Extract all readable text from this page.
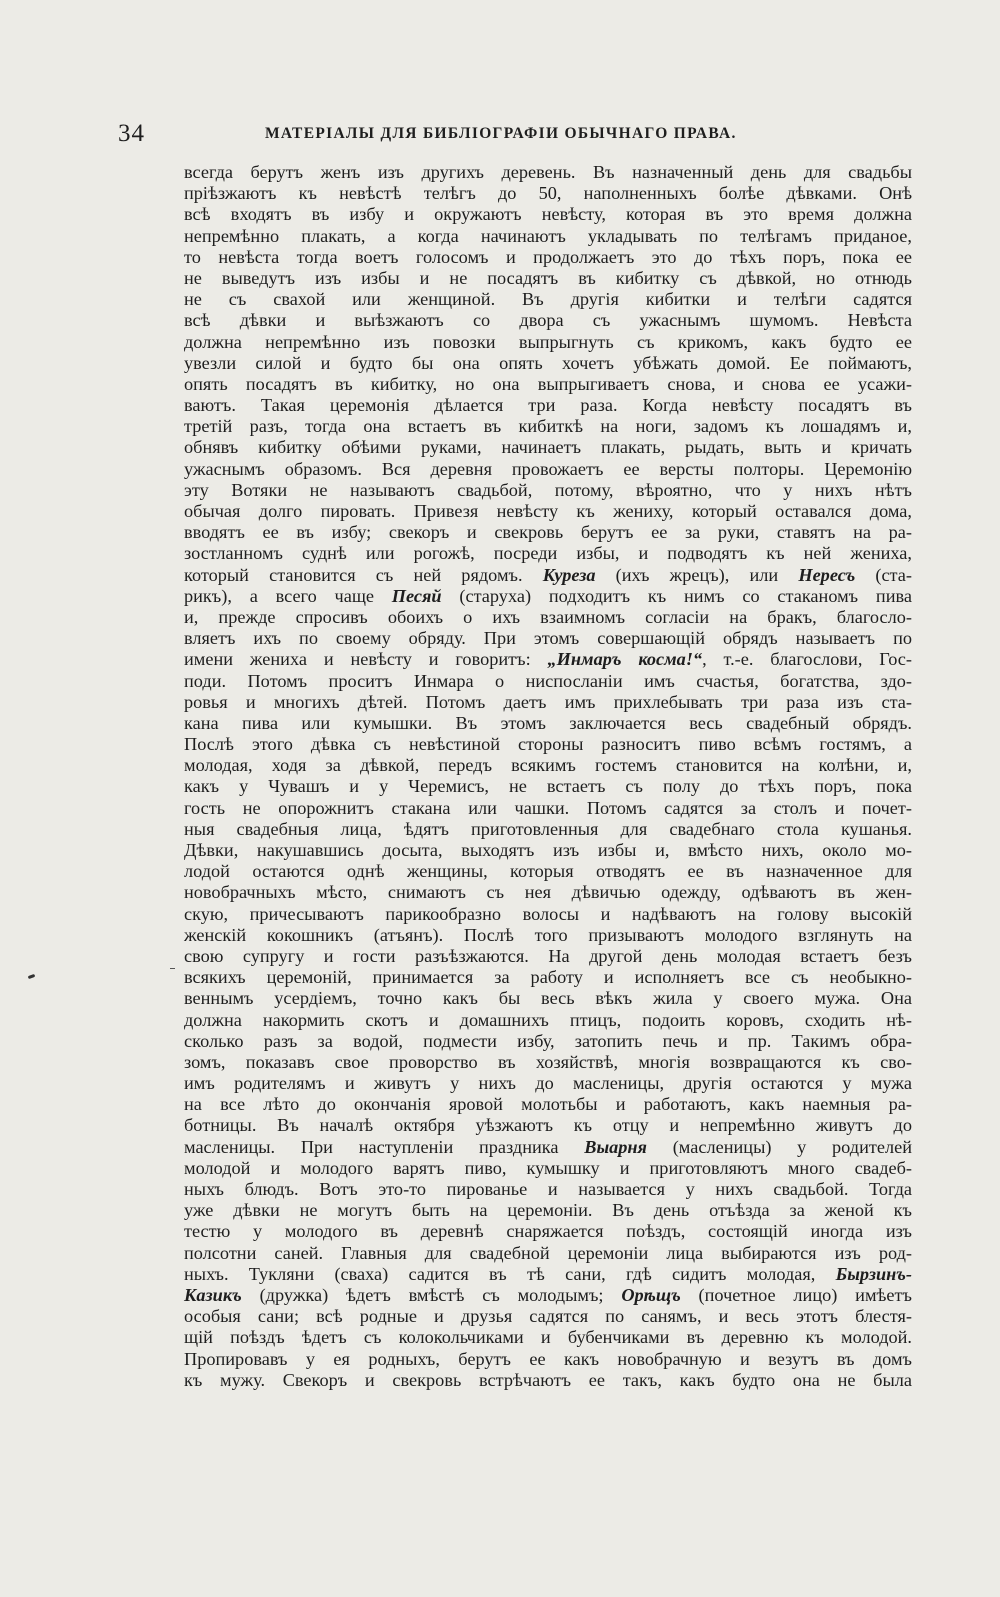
34	МАТЕРІАЛЫ ДЛЯ БИБЛІОГРАФІИ ОБЫЧНАГО ПРАВА.
всегда берутъ женъ изъ другихъ деревень. Въ назначенный день для свадьбы
пріѣзжаютъ къ невѣстѣ телѣгъ до 50, наполненныхъ болѣе дѣвками. Онѣ
всѣ входятъ въ избу и окружаютъ невѣсту, которая въ это время должна
непремѣнно плакать, а когда начинаютъ укладывать по телѣгамъ приданое,
то невѣста тогда воетъ голосомъ и продолжаетъ это до тѣхъ поръ, пока ее
не выведутъ изъ избы и не посадятъ въ кибитку съ дѣвкой, но отнюдь
не съ свахой или женщиной. Въ другія кибитки и телѣги садятся
всѣ дѣвки и выѣзжаютъ со двора съ ужаснымъ шумомъ. Невѣста
должна непремѣнно изъ повозки выпрыгнуть съ крикомъ, какъ будто ее
увезли силой и будто бы она опять хочетъ убѣжать домой. Ее поймаютъ,
опять посадятъ въ кибитку, но она выпрыгиваетъ снова, и снова ее усажи-
ваютъ. Такая церемонія дѣлается три раза. Когда невѣсту посадятъ въ
третій разъ, тогда она встаетъ въ кибиткѣ на ноги, задомъ къ лошадямъ и,
обнявъ кибитку обѣими руками, начинаетъ плакать, рыдать, выть и кричать
ужаснымъ образомъ. Вся деревня провожаетъ ее версты полторы. Церемонію
эту Вотяки не называютъ свадьбой, потому, вѣроятно, что у нихъ нѣтъ
обычая долго пировать. Привезя невѣсту къ жениху, который оставался дома,
вводятъ ее въ избу; свекоръ и свекровь берутъ ее за руки, ставятъ на ра-
зостланномъ суднѣ или рогожѣ, посреди избы, и подводятъ къ ней жениха,
который становится съ ней рядомъ. Куреза (ихъ жрецъ), или Нересъ (ста-
рикъ), а всего чаще Песяй (старуха) подходитъ къ нимъ со стаканомъ пива
и, прежде спросивъ обоихъ о ихъ взаимномъ согласіи на бракъ, благосло-
вляетъ ихъ по своему обряду. При этомъ совершающій обрядъ называетъ по
имени жениха и невѣсту и говоритъ: „Инмаръ косма!“, т.-е. благослови, Гос-
поди. Потомъ проситъ Инмара о ниспосланіи имъ счастья, богатства, здо-
ровья и многихъ дѣтей. Потомъ даетъ имъ прихлебывать три раза изъ ста-
кана пива или кумышки. Въ этомъ заключается весь свадебный обрядъ.
Послѣ этого дѣвка съ невѣстиной стороны разноситъ пиво всѣмъ гостямъ, а
молодая, ходя за дѣвкой, передъ всякимъ гостемъ становится на колѣни, и,
какъ у Чувашъ и у Черемисъ, не встаетъ съ полу до тѣхъ поръ, пока
гость не опорожнитъ стакана или чашки. Потомъ садятся за столъ и почет-
ныя свадебныя лица, ѣдятъ приготовленныя для свадебнаго стола кушанья.
Дѣвки, накушавшись досыта, выходятъ изъ избы и, вмѣсто нихъ, около мо-
лодой остаются однѣ женщины, которыя отводятъ ее въ назначенное для
новобрачныхъ мѣсто, снимаютъ съ нея дѣвичью одежду, одѣваютъ въ жен-
скую, причесываютъ парикообразно волосы и надѣваютъ на голову высокій
женскій кокошникъ (атъянъ). Послѣ того призываютъ молодого взглянуть на
свою супругу и гости разъѣзжаются. На другой день молодая встаетъ безъ
всякихъ церемоній, принимается за работу и исполняетъ все съ необыкно-
веннымъ усердіемъ, точно какъ бы весь вѣкъ жила у своего мужа. Она
должна накормить скотъ и домашнихъ птицъ, подоить коровъ, сходить нѣ-
сколько разъ за водой, подмести избу, затопить печь и пр. Такимъ обра-
зомъ, показавъ свое проворство въ хозяйствѣ, многія возвращаются къ сво-
имъ родителямъ и живутъ у нихъ до масленицы, другія остаются у мужа
на все лѣто до окончанія яровой молотьбы и работаютъ, какъ наемныя ра-
ботницы. Въ началѣ октября уѣзжаютъ къ отцу и непремѣнно живутъ до
масленицы. При наступленіи праздника Выарня (масленицы) у родителей
молодой и молодого варятъ пиво, кумышку и приготовляютъ много свадеб-
ныхъ блюдъ. Вотъ это-то пированье и называется у нихъ свадьбой. Тогда
уже дѣвки не могутъ быть на церемоніи. Въ день отъѣзда за женой къ
тестю у молодого въ деревнѣ снаряжается поѣздъ, состоящій иногда изъ
полсотни саней. Главныя для свадебной церемоніи лица выбираются изъ род-
ныхъ. Тукляни (сваха) садится въ тѣ сани, гдѣ сидитъ молодая, Бырзинъ-
Казикъ (дружка) ѣдетъ вмѣстѣ съ молодымъ; Орѣщъ (почетное лицо) имѣетъ
особыя сани; всѣ родные и друзья садятся по санямъ, и весь этотъ блестя-
щій поѣздъ ѣдетъ съ колокольчиками и бубенчиками въ деревню къ молодой.
Пропировавъ у ея родныхъ, берутъ ее какъ новобрачную и везутъ въ домъ
къ мужу. Свекоръ и свекровь встрѣчаютъ ее такъ, какъ будто она не была
